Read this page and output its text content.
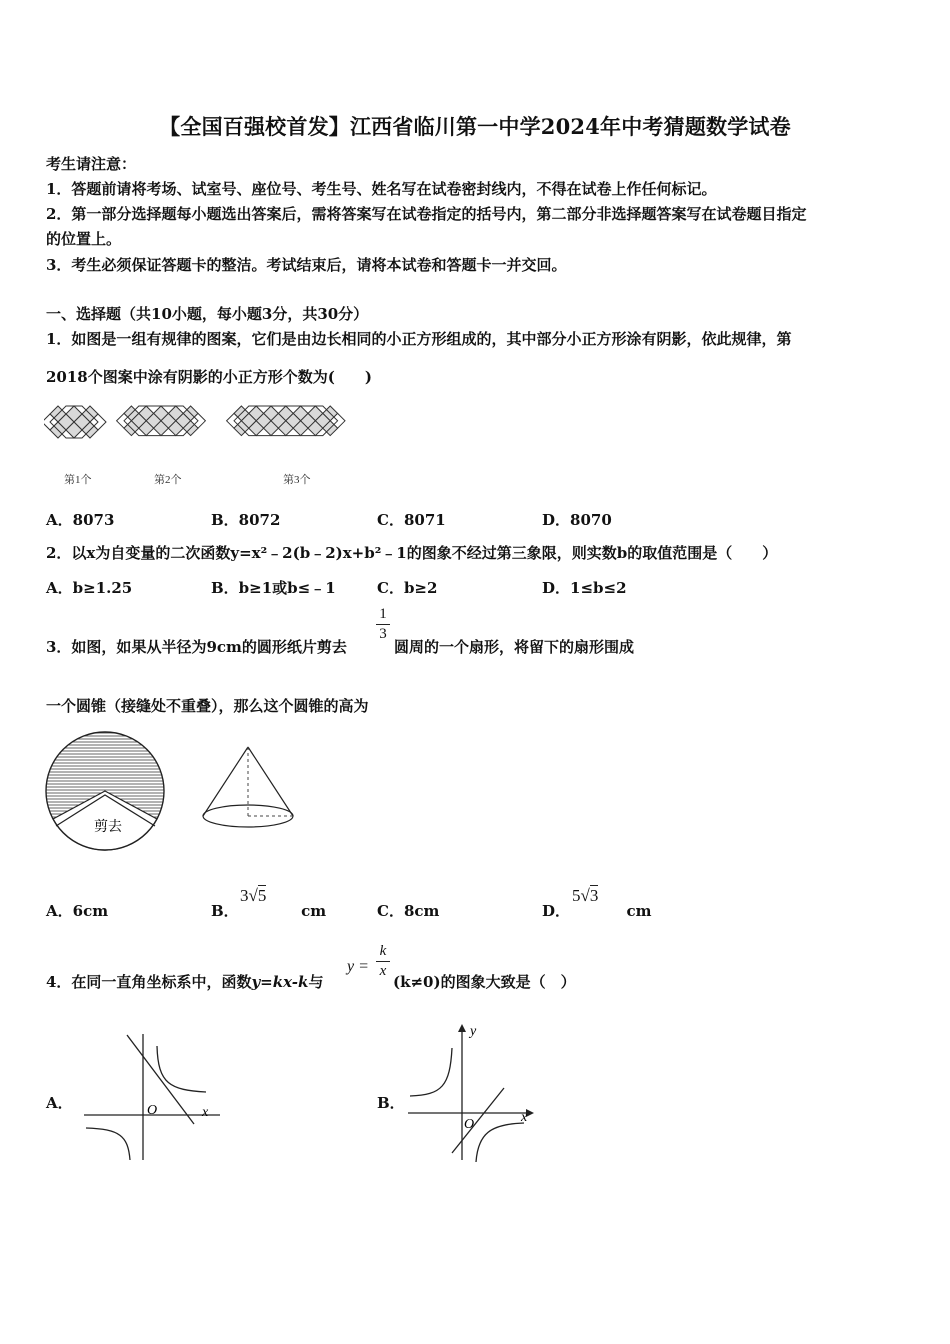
【全国百强校首发】江西省临川第一中学2024年中考猜题数学试卷
考生请注意：
1．答题前请将考场、试室号、座位号、考生号、姓名写在试卷密封线内，不得在试卷上作任何标记。
2．第一部分选择题每小题选出答案后，需将答案写在试卷指定的括号内，第二部分非选择题答案写在试卷题目指定
的位置上。
3．考生必须保证答题卡的整洁。考试结束后，请将本试卷和答题卡一并交回。
一、选择题（共10小题，每小题3分，共30分）
1．如图是一组有规律的图案，它们是由边长相同的小正方形组成的，其中部分小正方形涂有阴影，依此规律，第
2018个图案中涂有阴影的小正方形个数为(　　)
第1个	第2个	第3个
A．8073	B．8072	C．8071	D．8070
2．以x为自变量的二次函数y=x²﹣2(b﹣2)x+b²﹣1的图象不经过第三象限，则实数b的取值范围是（　　）
A．b≥1.25	B．b≥1或b≤﹣1	C．b≥2	D．1≤b≤2
3．如图，如果从半径为9cm的圆形纸片剪去
1
3
圆周的一个扇形，将留下的扇形围成
一个圆锥（接缝处不重叠），那么这个圆锥的高为
剪去
A．6cm	B．	cm
3√5
C．8cm	D．	cm
5√3
4．在同一直角坐标系中，函数y=kx-k与
y =
k
x
(k≠0)的图象大致是（　）
A．	O	x
B．
O	x
y
